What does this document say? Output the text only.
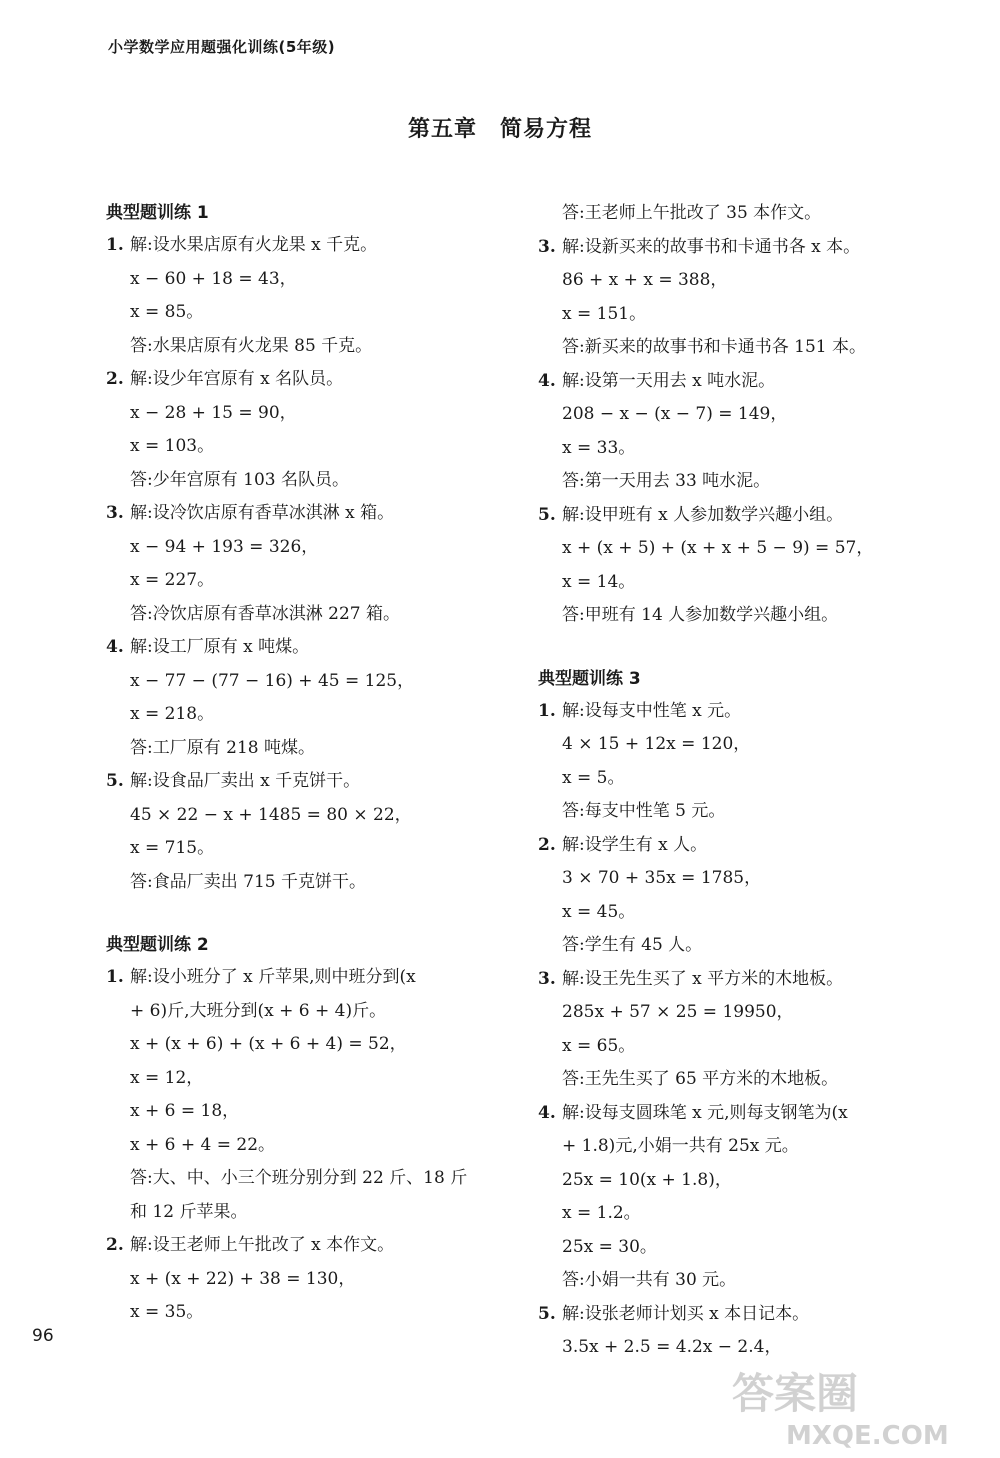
小学数学应用题强化训练(5年级)
第五章　简易方程
典型题训练 1
1. 解:设水果店原有火龙果 x 千克。
x − 60 + 18 = 43，
x = 85。
答:水果店原有火龙果 85 千克。
2. 解:设少年宫原有 x 名队员。
x − 28 + 15 = 90，
x = 103。
答:少年宫原有 103 名队员。
3. 解:设冷饮店原有香草冰淇淋 x 箱。
x − 94 + 193 = 326，
x = 227。
答:冷饮店原有香草冰淇淋 227 箱。
4. 解:设工厂原有 x 吨煤。
x − 77 − (77 − 16) + 45 = 125，
x = 218。
答:工厂原有 218 吨煤。
5. 解:设食品厂卖出 x 千克饼干。
45 × 22 − x + 1485 = 80 × 22，
x = 715。
答:食品厂卖出 715 千克饼干。
典型题训练 2
1. 解:设小班分了 x 斤苹果,则中班分到(x
+ 6)斤,大班分到(x + 6 + 4)斤。
x + (x + 6) + (x + 6 + 4) = 52，
x = 12，
x + 6 = 18，
x + 6 + 4 = 22。
答:大、中、小三个班分别分到 22 斤、18 斤
和 12 斤苹果。
2. 解:设王老师上午批改了 x 本作文。
x + (x + 22) + 38 = 130，
x = 35。
答:王老师上午批改了 35 本作文。
3. 解:设新买来的故事书和卡通书各 x 本。
86 + x + x = 388，
x = 151。
答:新买来的故事书和卡通书各 151 本。
4. 解:设第一天用去 x 吨水泥。
208 − x − (x − 7) = 149，
x = 33。
答:第一天用去 33 吨水泥。
5. 解:设甲班有 x 人参加数学兴趣小组。
x + (x + 5) + (x + x + 5 − 9) = 57，
x = 14。
答:甲班有 14 人参加数学兴趣小组。
典型题训练 3
1. 解:设每支中性笔 x 元。
4 × 15 + 12x = 120，
x = 5。
答:每支中性笔 5 元。
2. 解:设学生有 x 人。
3 × 70 + 35x = 1785，
x = 45。
答:学生有 45 人。
3. 解:设王先生买了 x 平方米的木地板。
285x + 57 × 25 = 19950，
x = 65。
答:王先生买了 65 平方米的木地板。
4. 解:设每支圆珠笔 x 元,则每支钢笔为(x
+ 1.8)元,小娟一共有 25x 元。
25x = 10(x + 1.8)，
x = 1.2。
25x = 30。
答:小娟一共有 30 元。
5. 解:设张老师计划买 x 本日记本。
3.5x + 2.5 = 4.2x − 2.4，
96
答案圈
MXQE.COM
